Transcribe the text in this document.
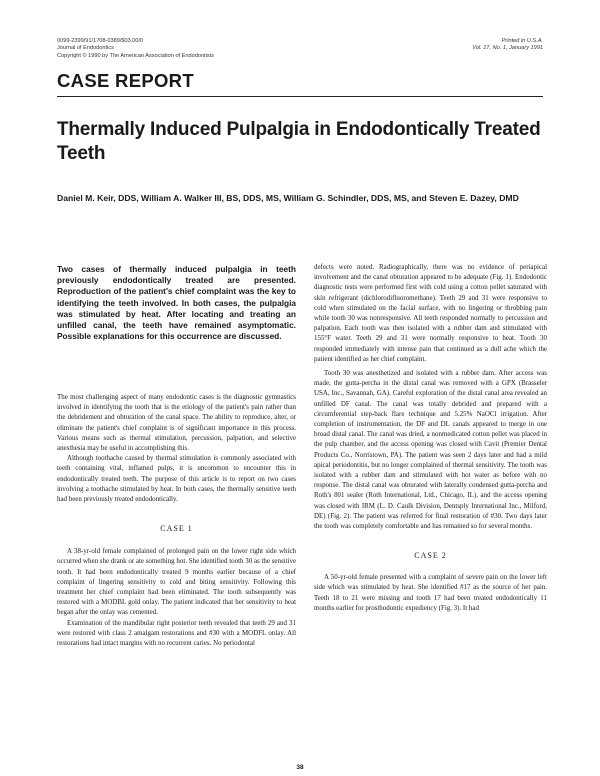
0099-2399/91/1708-0389/$03.00/0
Journal of Endodontics
Copyright © 1990 by The American Association of Endodontists
Printed in U.S.A.
Vol. 17, No. 1, January 1991
CASE REPORT
Thermally Induced Pulpalgia in Endodontically Treated Teeth
Daniel M. Keir, DDS, William A. Walker III, BS, DDS, MS, William G. Schindler, DDS, MS, and Steven E. Dazey, DMD

Two cases of thermally induced pulpalgia in teeth previously endodontically treated are presented. Reproduction of the patient's chief complaint was the key to identifying the teeth involved. In both cases, the pulpalgia was stimulated by heat. After locating and treating an unfilled canal, the teeth have remained asymptomatic. Possible explanations for this occurrence are discussed.

The most challenging aspect of many endodontic cases is the diagnostic gymnastics involved in identifying the tooth that is the etiology of the patient's pain rather than the debridement and obturation of the canal space. The ability to reproduce, alter, or eliminate the patient's chief complaint is of significant importance in this process. Various means such as thermal stimulation, percussion, palpation, and selective anesthesia may be useful in accomplishing this.

Although toothache caused by thermal stimulation is commonly associated with teeth containing vital, inflamed pulps, it is uncommon to encounter this in endodontically treated teeth. The purpose of this article is to report on two cases involving a toothache stimulated by heat. In both cases, the thermally sensitive teeth had been previously treated endodontically.

CASE 1

A 38-yr-old female complained of prolonged pain on the lower right side which occurred when she drank or ate something hot. She identified tooth 30 as the sensitive tooth. It had been endodontically treated 9 months earlier because of a chief complaint of lingering sensitivity to cold and biting sensitivity. Following this treatment her chief complaint had been eliminated. The tooth subsequently was restored with a MODBL gold onlay. The patient indicated that her sensitivity to heat began after the onlay was cemented.

Examination of the mandibular right posterior teeth revealed that teeth 29 and 31 were restored with class 2 amalgam restorations and #30 with a MODFL onlay. All restorations had intact margins with no recurrent caries. No periodontal

defects were noted. Radiographically, there was no evidence of periapical involvement and the canal obturation appeared to be adequate (Fig. 1). Endodontic diagnostic tests were performed first with cold using a cotton pellet saturated with skin refrigerant (dichlorodifluoromethane). Teeth 29 and 31 were responsive to cold when stimulated on the facial surface, with no lingering or throbbing pain while tooth 30 was nonresponsive. All teeth responded normally to percussion and palpation. Each tooth was then isolated with a rubber dam and stimulated with 155°F water. Teeth 29 and 31 were normally responsive to heat. Tooth 30 responded immediately with intense pain that continued as a dull ache which the patient identified as her chief complaint.

Tooth 30 was anesthetized and isolated with a rubber dam. After access was made, the gutta-percha in the distal canal was removed with a GPX (Brasseler USA, Inc., Savannah, GA). Careful exploration of the distal canal area revealed an unfilled DF canal. The canal was totally debrided and prepared with a circumferential step-back flare technique and 5.25% NaOCl irrigation. After completion of instrumentation, the DF and DL canals appeared to merge in one broad distal canal. The canal was dried, a nonmedicated cotton pellet was placed in the pulp chamber, and the access opening was closed with Cavit (Premier Dental Products Co., Norristown, PA). The patient was seen 2 days later and had a mild apical periodontitis, but no longer complained of thermal sensitivity. The tooth was isolated with a rubber dam and stimulated with hot water as before with no response. The distal canal was obturated with laterally condensed gutta-percha and Roth's 801 sealer (Roth International, Ltd., Chicago, IL), and the access opening was closed with IRM (L. D. Caulk Division, Dentsply International Inc., Milford, DE) (Fig. 2). The patient was referred for final restoration of #30. Two days later the tooth was completely comfortable and has remained so for several months.

CASE 2

A 50-yr-old female presented with a complaint of severe pain on the lower left side which was stimulated by heat. She identified #17 as the source of her pain. Teeth 18 to 21 were missing and tooth 17 had been treated endodontically 11 months earlier for prosthodontic expediency (Fig. 3). It had

38
